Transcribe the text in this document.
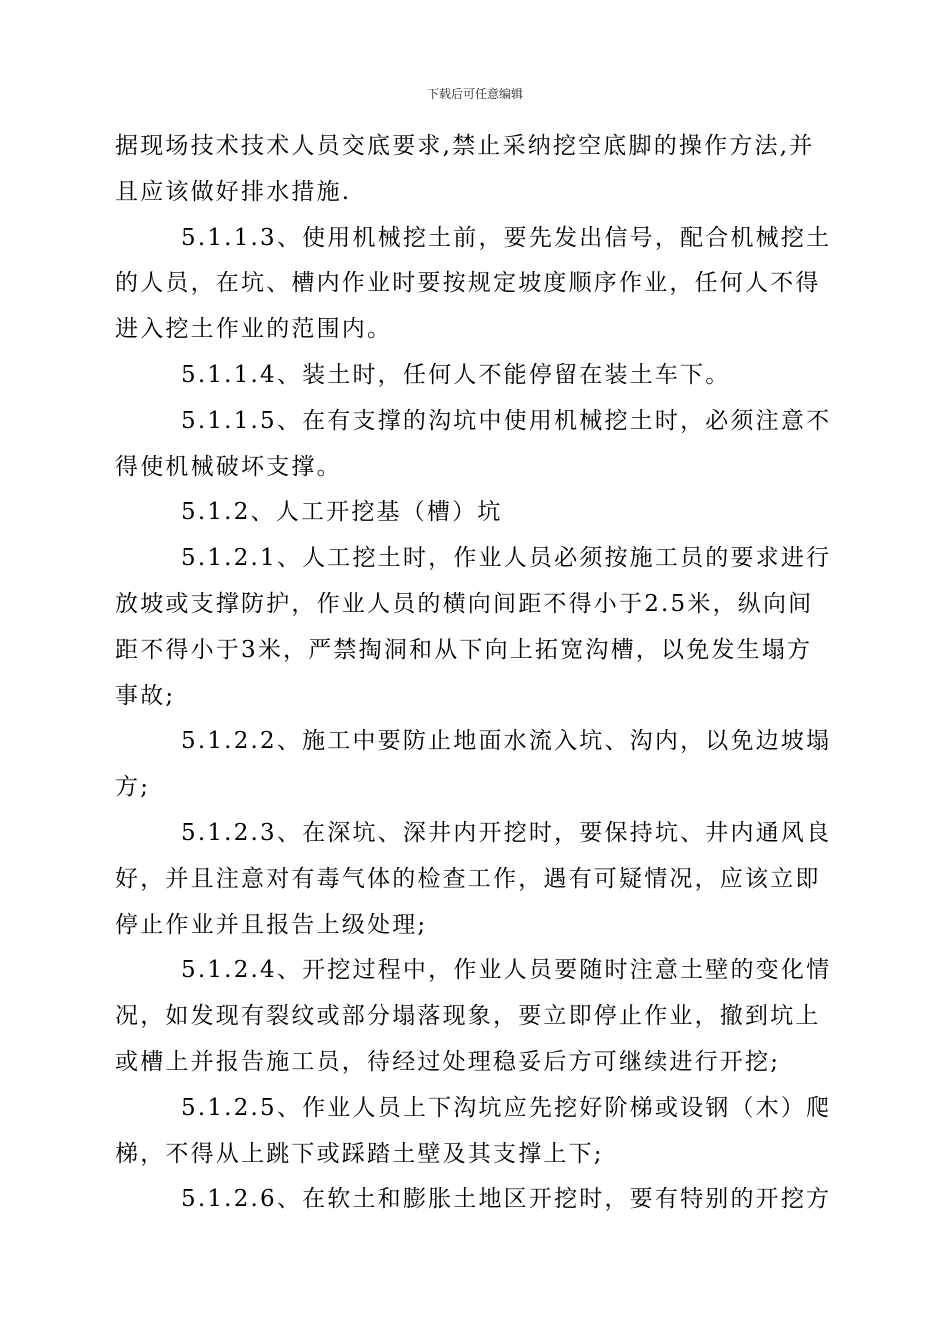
下载后可任意编辑
据现场技术技术人员交底要求,禁止采纳挖空底脚的操作方法,并
且应该做好排水措施.
5.1.1.3、使用机械挖土前，要先发出信号，配合机械挖土
的人员，在坑、槽内作业时要按规定坡度顺序作业，任何人不得
进入挖土作业的范围内。
5.1.1.4、装土时，任何人不能停留在装土车下。
5.1.1.5、在有支撑的沟坑中使用机械挖土时，必须注意不
得使机械破坏支撑。
5.1.2、人工开挖基（槽）坑
5.1.2.1、人工挖土时，作业人员必须按施工员的要求进行
放坡或支撑防护，作业人员的横向间距不得小于2.5米，纵向间
距不得小于3米，严禁掏洞和从下向上拓宽沟槽，以免发生塌方
事故;
5.1.2.2、施工中要防止地面水流入坑、沟内，以免边坡塌
方;
5.1.2.3、在深坑、深井内开挖时，要保持坑、井内通风良
好，并且注意对有毒气体的检查工作，遇有可疑情况，应该立即
停止作业并且报告上级处理;
5.1.2.4、开挖过程中，作业人员要随时注意土壁的变化情
况，如发现有裂纹或部分塌落现象，要立即停止作业，撤到坑上
或槽上并报告施工员，待经过处理稳妥后方可继续进行开挖;
5.1.2.5、作业人员上下沟坑应先挖好阶梯或设钢（木）爬
梯，不得从上跳下或踩踏土壁及其支撑上下;
5.1.2.6、在软土和膨胀土地区开挖时，要有特别的开挖方
